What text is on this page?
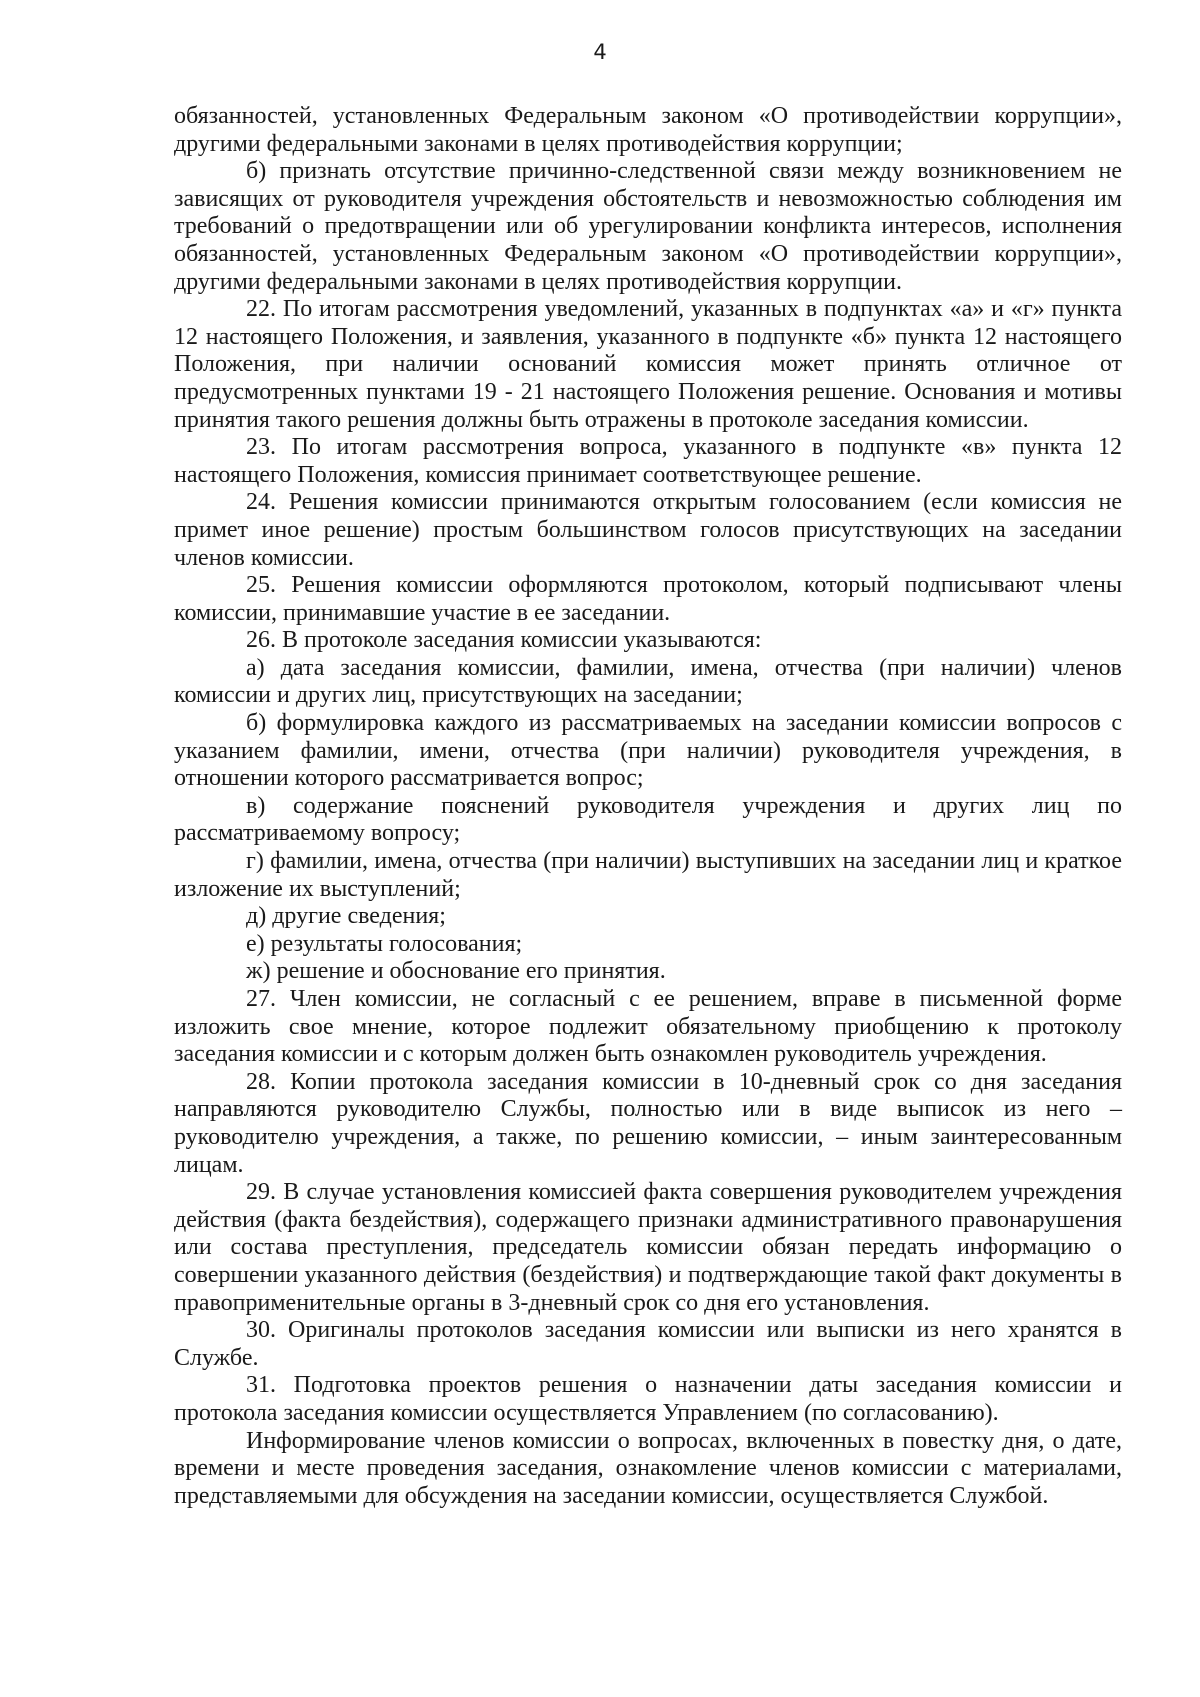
4

обязанностей, установленных Федеральным законом «О противодействии коррупции», другими федеральными законами в целях противодействия коррупции;

б) признать отсутствие причинно-следственной связи между возникновением не зависящих от руководителя учреждения обстоятельств и невозможностью соблюдения им требований о предотвращении или об урегулировании конфликта интересов, исполнения обязанностей, установленных Федеральным законом «О противодействии коррупции», другими федеральными законами в целях противодействия коррупции.

22. По итогам рассмотрения уведомлений, указанных в подпунктах «а» и «г» пункта 12 настоящего Положения, и заявления, указанного в подпункте «б» пункта 12 настоящего Положения, при наличии оснований комиссия может принять отличное от предусмотренных пунктами 19 - 21 настоящего Положения решение. Основания и мотивы принятия такого решения должны быть отражены в протоколе заседания комиссии.

23. По итогам рассмотрения вопроса, указанного в подпункте «в» пункта 12 настоящего Положения, комиссия принимает соответствующее решение.

24. Решения комиссии принимаются открытым голосованием (если комиссия не примет иное решение) простым большинством голосов присутствующих на заседании членов комиссии.

25. Решения комиссии оформляются протоколом, который подписывают члены комиссии, принимавшие участие в ее заседании.

26. В протоколе заседания комиссии указываются:

а) дата заседания комиссии, фамилии, имена, отчества (при наличии) членов комиссии и других лиц, присутствующих на заседании;

б) формулировка каждого из рассматриваемых на заседании комиссии вопросов с указанием фамилии, имени, отчества (при наличии) руководителя учреждения, в отношении которого рассматривается вопрос;

в) содержание пояснений руководителя учреждения и других лиц по рассматриваемому вопросу;

г) фамилии, имена, отчества (при наличии) выступивших на заседании лиц и краткое изложение их выступлений;

д) другие сведения;

е) результаты голосования;

ж) решение и обоснование его принятия.

27. Член комиссии, не согласный с ее решением, вправе в письменной форме изложить свое мнение, которое подлежит обязательному приобщению к протоколу заседания комиссии и с которым должен быть ознакомлен руководитель учреждения.

28. Копии протокола заседания комиссии в 10-дневный срок со дня заседания направляются руководителю Службы, полностью или в виде выписок из него – руководителю учреждения, а также, по решению комиссии, – иным заинтересованным лицам.

29. В случае установления комиссией факта совершения руководителем учреждения действия (факта бездействия), содержащего признаки административного правонарушения или состава преступления, председатель комиссии обязан передать информацию о совершении указанного действия (бездействия) и подтверждающие такой факт документы в правоприменительные органы в 3-дневный срок со дня его установления.

30. Оригиналы протоколов заседания комиссии или выписки из него хранятся в Службе.

31. Подготовка проектов решения о назначении даты заседания комиссии и протокола заседания комиссии осуществляется Управлением (по согласованию).

Информирование членов комиссии о вопросах, включенных в повестку дня, о дате, времени и месте проведения заседания, ознакомление членов комиссии с материалами, представляемыми для обсуждения на заседании комиссии, осуществляется Службой.
